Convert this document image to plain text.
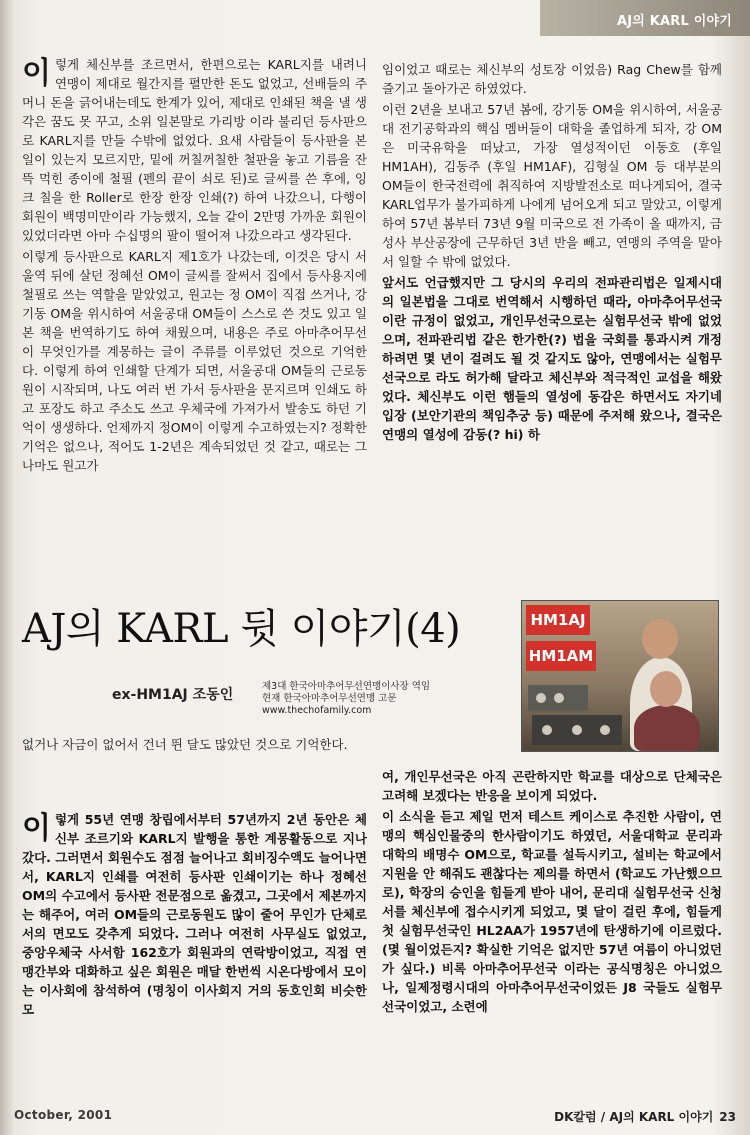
AJ의 KARL 이야기

이렇게 체신부를 조르면서, 한편으로는 KARL지를 내려니 연맹이 제대로 월간지를 펼만한 돈도 없었고, 선배들의 주머니 돈을 긁어내는데도 한계가 있어, 제대로 인쇄된 책을 낼 생각은 꿈도 못 꾸고, 소위 일본말로 가리방 이라 불리던 등사판으로 KARL지를 만들 수밖에 없었다. 요새 사람들이 등사판을 본일이 있는지 모르지만, 밑에 꺼칠꺼칠한 철판을 놓고 기름을 잔뜩 먹힌 종이에 철필 (펜의 끝이 쇠로 된)로 글씨를 쓴 후에, 잉크 칠을 한 Roller로 한장 한장 인쇄(?) 하여 나갔으니, 다행이 회원이 백명미만이라 가능했지, 오늘 같이 2만명 가까운 회원이 있었더라면 아마 수십명의 팔이 떨어져 나갔으라고 생각된다.

이렇게 등사판으로 KARL지 제1호가 나갔는데, 이것은 당시 서울역 뒤에 살던 정혜선 OM이 글씨를 잘써서 집에서 등사용지에 철필로 쓰는 역할을 맡았었고, 원고는 정 OM이 직접 쓰거나, 강기동 OM을 위시하여 서울공대 OM들이 스스로 쓴 것도 있고 일본 책을 번역하기도 하여 채웠으며, 내용은 주로 아마추어무선이 무엇인가를 계몽하는 글이 주류를 이루었던 것으로 기억한다. 이렇게 하여 인쇄할 단계가 되면, 서울공대 OM들의 근로동원이 시작되며, 나도 여러 번 가서 등사판을 문지르며 인쇄도 하고 포장도 하고 주소도 쓰고 우체국에 가져가서 발송도 하던 기억이 생생하다. 언제까지 정OM이 이렇게 수고하였는지? 정확한 기억은 없으나, 적어도 1-2년은 계속되었던 것 같고, 때로는 그나마도 원고가

임이었고 때로는 체신부의 성토장 이었음) Rag Chew를 함께 즐기고 돌아가곤 하였었다.

이런 2년을 보내고 57년 봄에, 강기동 OM을 위시하여, 서울공대 전기공학과의 핵심 멤버들이 대학을 졸업하게 되자, 강 OM은 미국유학을 떠났고, 가장 열성적이던 이동호 (후일 HM1AH), 김동주 (후일 HM1AF), 김형실 OM 등 대부분의 OM들이 한국전력에 취직하여 지방발전소로 떠나게되어, 결국 KARL업무가 불가피하게 나에게 넘어오게 되고 말았고, 이렇게 하여 57년 봄부터 73년 9월 미국으로 전 가족이 올 때까지, 금성사 부산공장에 근무하던 3년 반을 빼고, 연맹의 주역을 맡아서 일할 수 밖에 없었다.

앞서도 언급했지만 그 당시의 우리의 전파관리법은 일제시대의 일본법을 그대로 번역해서 시행하던 때라, 아마추어무선국이란 규정이 없었고, 개인무선국으로는 실험무선국 밖에 없었으며, 전파관리법 같은 한가한(?) 법을 국회를 통과시켜 개정하려면 몇 년이 걸려도 될 것 같지도 않아, 연맹에서는 실험무선국으로 라도 허가해 달라고 체신부와 적극적인 교섭을 해왔었다. 체신부도 이런 햄들의 열성에 동감은 하면서도 자기네 입장 (보안기관의 책임추궁 등) 때문에 주저해 왔으나, 결국은 연맹의 열성에 감동(? hi) 하

AJ의 KARL 뒷 이야기(4)
ex-HM1AJ 조동인
제3대 한국아마추어무선연맹이사장 역임
현재 한국아마추어무선연맹 고문
www.thechofamily.com
HM1AJ
HM1AM

없거나 자금이 없어서 건너 뛴 달도 많았던 것으로 기억한다.

여, 개인무선국은 아직 곤란하지만 학교를 대상으로 단체국은 고려해 보겠다는 반응을 보이게 되었다.

이 소식을 듣고 제일 먼저 테스트 케이스로 추진한 사람이, 연맹의 핵심인물중의 한사람이기도 하였던, 서울대학교 문리과대학의 배명수 OM으로, 학교를 설득시키고, 설비는 학교에서 지원을 안 해줘도 괜찮다는 제의를 하면서 (학교도 가난했으므로), 학장의 승인을 힘들게 받아 내어, 문리대 실험무선국 신청서를 체신부에 접수시키게 되었고, 몇 달이 걸린 후에, 힘들게 첫 실험무선국인 HL2AA가 1957년에 탄생하기에 이르렀다. (몇 월이었든지? 확실한 기억은 없지만 57년 여름이 아니었던가 싶다.) 비록 아마추어무선국 이라는 공식명칭은 아니었으나, 일제정령시대의 아마추어무선국이었든 J8 국들도 실험무선국이었고, 소련에

이렇게 55년 연맹 창립에서부터 57년까지 2년 동안은 체신부 조르기와 KARL지 발행을 통한 계몽활동으로 지나갔다. 그러면서 회원수도 점점 늘어나고 회비징수액도 늘어나면서, KARL지 인쇄를 여전히 등사판 인쇄이기는 하나 정혜선 OM의 수고에서 등사판 전문점으로 옮겼고, 그곳에서 제본까지는 해주어, 여러 OM들의 근로동원도 많이 줄어 무인가 단체로서의 면모도 갖추게 되었다. 그러나 여전히 사무실도 없었고, 중앙우체국 사서함 162호가 회원과의 연락방이었고, 직접 연맹간부와 대화하고 싶은 회원은 매달 한번씩 시온다방에서 모이는 이사회에 참석하여 (명칭이 이사회지 거의 동호인회 비슷한 모

October, 2001	DK칼럼 / AJ의 KARL 이야기 23
